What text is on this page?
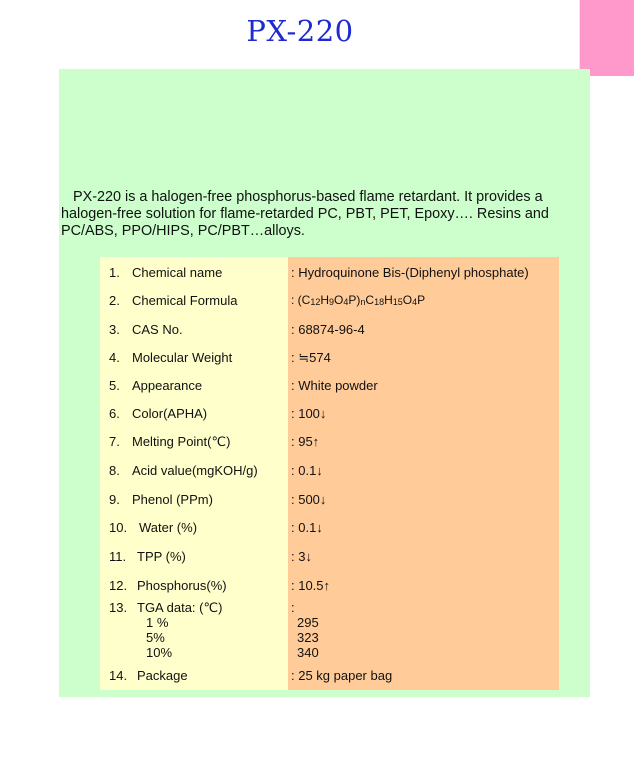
PX-220
PX-220 is a halogen-free phosphorus-based flame retardant. It provides a halogen-free solution for flame-retarded PC, PBT, PET, Epoxy…. Resins and PC/ABS, PPO/HIPS, PC/PBT…alloys.
1. Chemical name	: Hydroquinone Bis-(Diphenyl phosphate)
2. Chemical Formula	: $(C_{12}H_9O_4P)_nC_{18}H_{15}O_4P$
3. CAS No.	: 68874-96-4
4. Molecular Weight	: ≒574
5. Appearance	: White powder
6. Color(APHA)	: 100↓
7. Melting Point(℃)	: 95↑
8. Acid value(mgKOH/g)	: 0.1↓
9. Phenol (PPm)	: 500↓
10. Water (%)	: 0.1↓
11. TPP (%)	: 3↓
12. Phosphorus(%)	: 10.5↑
13. TGA data: (℃)	:
1 %	295
5%	323
10%	340
14. Package	: 25 kg paper bag
